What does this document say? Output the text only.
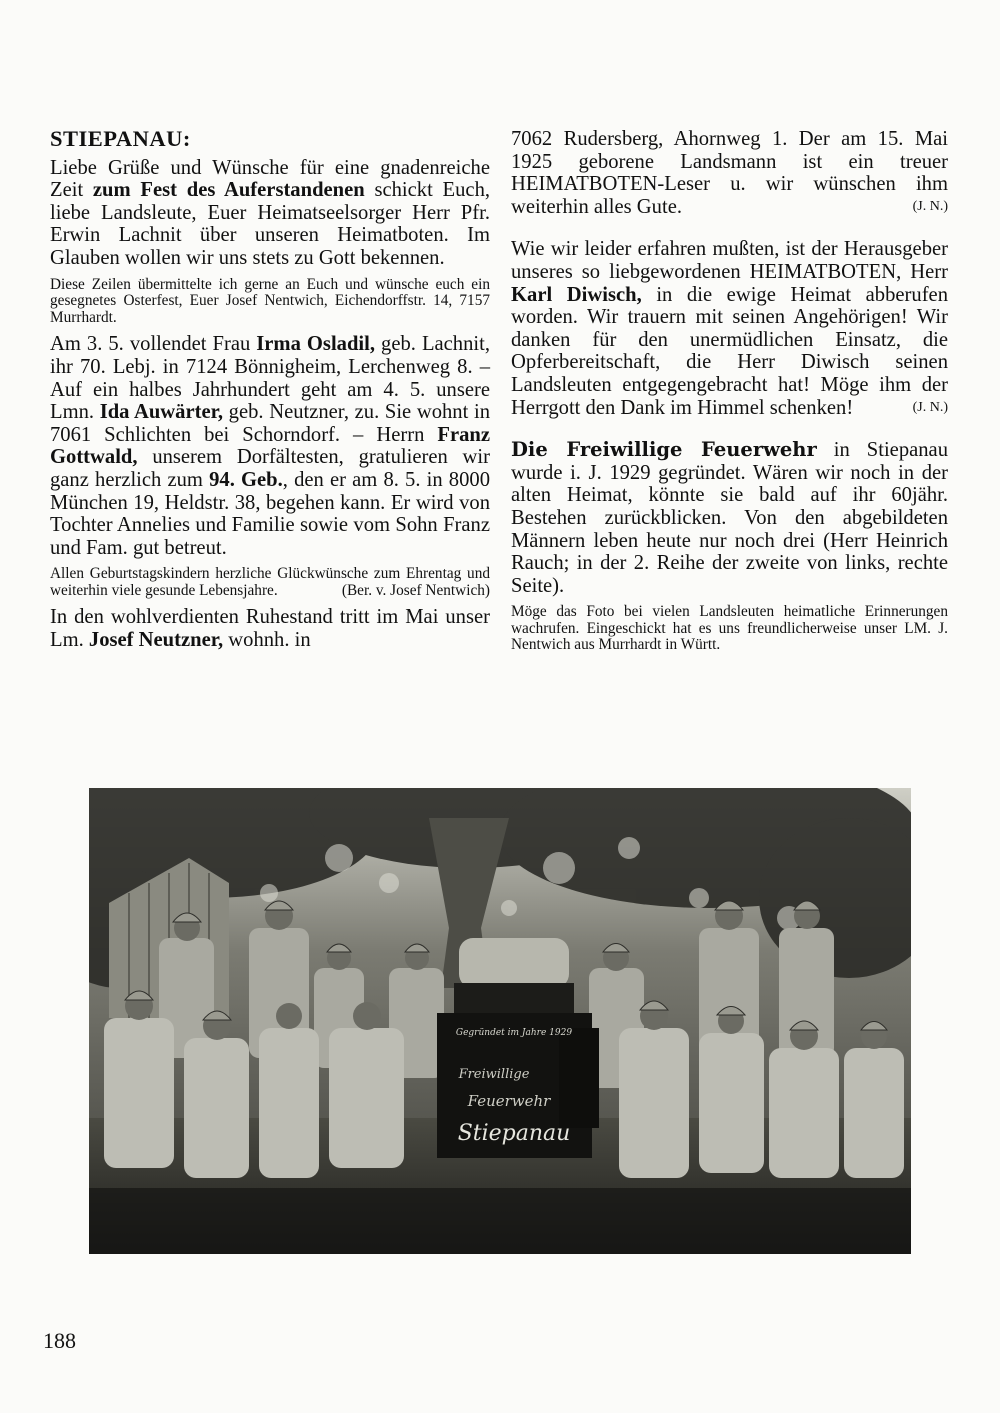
STIEPANAU:

Liebe Grüße und Wünsche für eine gnadenreiche Zeit zum Fest des Auferstandenen schickt Euch, liebe Landsleute, Euer Heimatseelsorger Herr Pfr. Erwin Lachnit über unseren Heimatboten. Im Glauben wollen wir uns stets zu Gott bekennen.

Diese Zeilen übermittelte ich gerne an Euch und wünsche euch ein gesegnetes Osterfest, Euer Josef Nentwich, Eichendorffstr. 14, 7157 Murrhardt.

Am 3. 5. vollendet Frau Irma Osladil, geb. Lachnit, ihr 70. Lebj. in 7124 Bönnigheim, Lerchenweg 8. – Auf ein halbes Jahrhundert geht am 4. 5. unsere Lmn. Ida Auwärter, geb. Neutzner, zu. Sie wohnt in 7061 Schlichten bei Schorndorf. – Herrn Franz Gottwald, unserem Dorfältesten, gratulieren wir ganz herzlich zum 94. Geb., den er am 8. 5. in 8000 München 19, Heldstr. 38, begehen kann. Er wird von Tochter Annelies und Familie sowie vom Sohn Franz und Fam. gut betreut.

Allen Geburtstagskindern herzliche Glückwünsche zum Ehrentag und weiterhin viele gesunde Lebensjahre.	(Ber. v. Josef Nentwich)

In den wohlverdienten Ruhestand tritt im Mai unser Lm. Josef Neutzner, wohnh. in

7062 Rudersberg, Ahornweg 1. Der am 15. Mai 1925 geborene Landsmann ist ein treuer HEIMATBOTEN-Leser u. wir wünschen ihm weiterhin alles Gute.	(J. N.)

Wie wir leider erfahren mußten, ist der Herausgeber unseres so liebgewordenen HEIMATBOTEN, Herr Karl Diwisch, in die ewige Heimat abberufen worden. Wir trauern mit seinen Angehörigen! Wir danken für den unermüdlichen Einsatz, die Opferbereitschaft, die Herr Diwisch seinen Landsleuten entgegengebracht hat! Möge ihm der Herrgott den Dank im Himmel schenken!	(J. N.)

Die Freiwillige Feuerwehr in Stiepanau wurde i. J. 1929 gegründet. Wären wir noch in der alten Heimat, könnte sie bald auf ihr 60jähr. Bestehen zurückblicken. Von den abgebildeten Männern leben heute nur noch drei (Herr Heinrich Rauch; in der 2. Reihe der zweite von links, rechte Seite).

Möge das Foto bei vielen Landsleuten heimatliche Erinnerungen wachrufen. Eingeschickt hat es uns freundlicherweise unser LM. J. Nentwich aus Murrhardt in Württ.

Gegründet im Jahre 1929
Freiwillige
Feuerwehr
Stiepanau
188
